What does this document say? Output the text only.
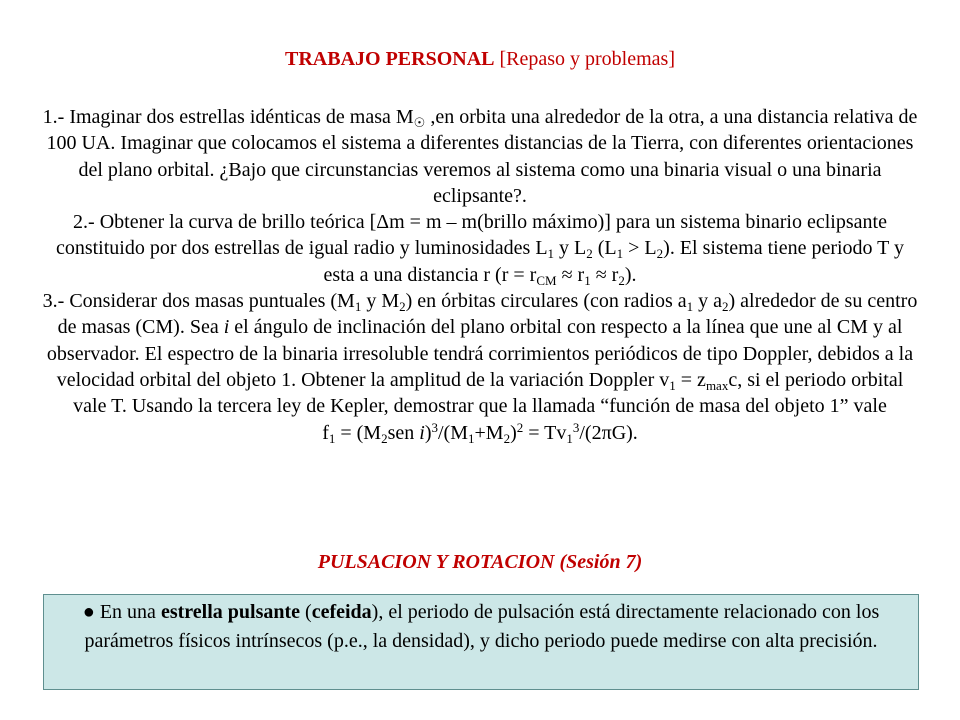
TRABAJO PERSONAL [Repaso y problemas]

1.- Imaginar dos estrellas idénticas de masa $M_☉$ ,en orbita una alrededor de la otra, a una distancia relativa de 100 UA. Imaginar que colocamos el sistema a diferentes distancias de la Tierra, con diferentes orientaciones del plano orbital. ¿Bajo que circunstancias veremos al sistema como una binaria visual o una binaria eclipsante?.

2.- Obtener la curva de brillo teórica [Δm = m – m(brillo máximo)] para un sistema binario eclipsante constituido por dos estrellas de igual radio y luminosidades $L_1$ y $L_2$ $(L_1 > L_2)$. El sistema tiene periodo T y esta a una distancia r $(r = r_{CM} \approx r_1 \approx r_2)$.

3.- Considerar dos masas puntuales ($M_1$ y $M_2$) en órbitas circulares (con radios $a_1$ y $a_2$) alrededor de su centro de masas (CM). Sea i el ángulo de inclinación del plano orbital con respecto a la línea que une al CM y al observador. El espectro de la binaria irresoluble tendrá corrimientos periódicos de tipo Doppler, debidos a la velocidad orbital del objeto 1. Obtener la amplitud de la variación Doppler $v_1 = z_{max}c$, si el periodo orbital vale T. Usando la tercera ley de Kepler, demostrar que la llamada “función de masa del objeto 1” vale
$f_1 = (M_2sen$ $i)^3/(M_1+M_2)^2 = Tv_1^3/(2\pi G)$.

PULSACION Y ROTACION (Sesión 7)
● En una estrella pulsante (cefeida), el periodo de pulsación está directamente relacionado con los parámetros físicos intrínsecos (p.e., la densidad), y dicho periodo puede medirse con alta precisión.
